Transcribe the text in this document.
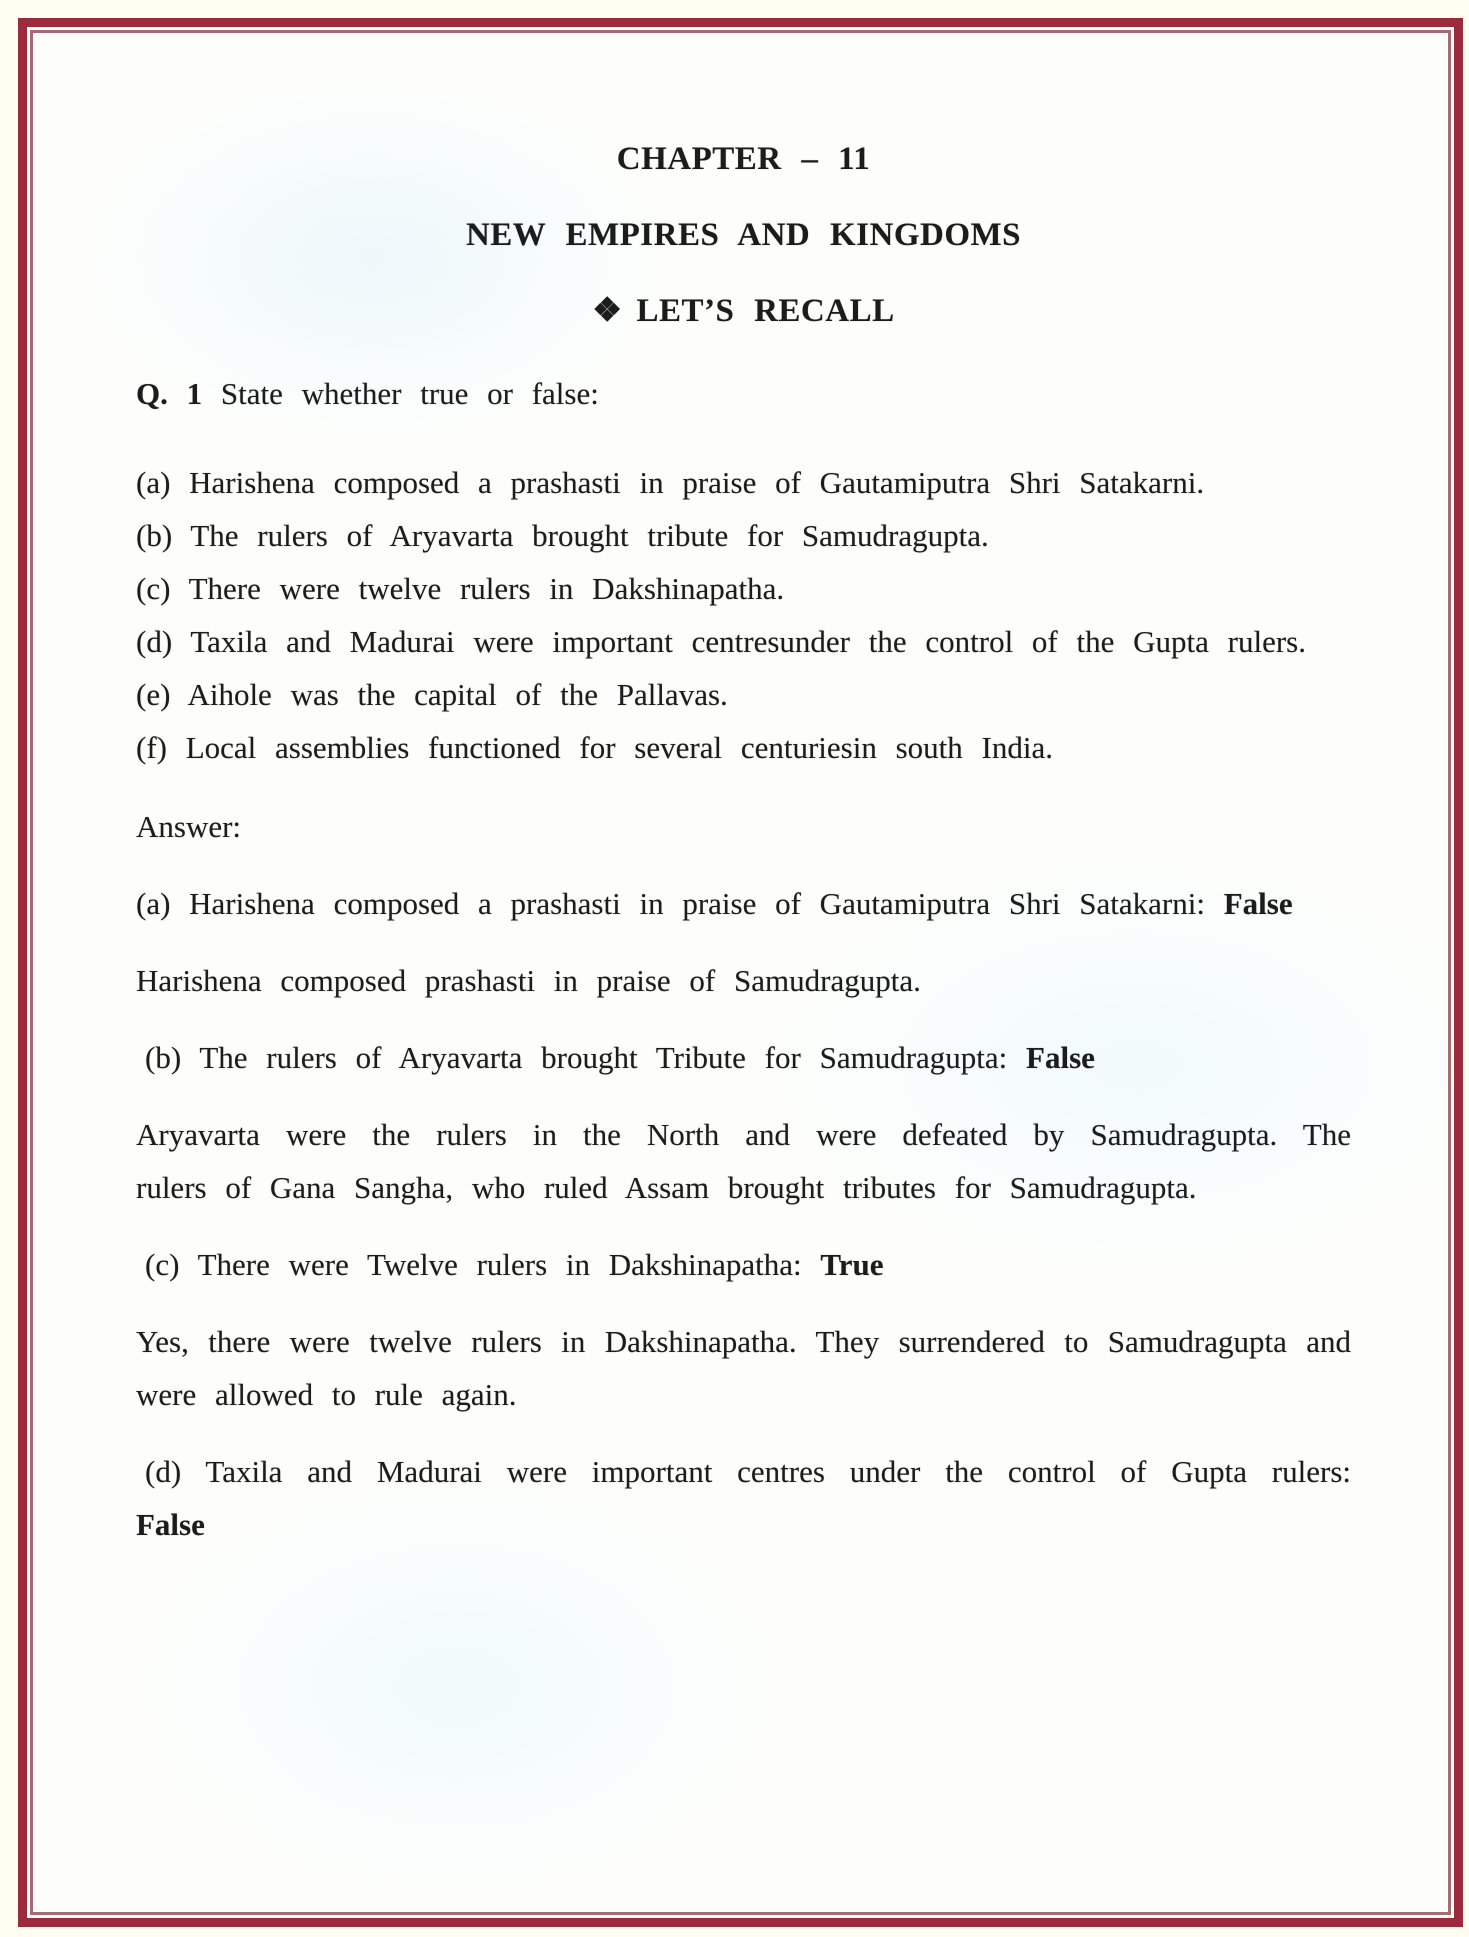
CHAPTER – 11
NEW EMPIRES AND KINGDOMS
❖ LET’S RECALL

Q. 1 State whether true or false:

(a) Harishena composed a prashasti in praise of Gautamiputra Shri Satakarni.

(b) The rulers of Aryavarta brought tribute for Samudragupta.

(c) There were twelve rulers in Dakshinapatha.

(d) Taxila and Madurai were important centresunder the control of the Gupta rulers.

(e) Aihole was the capital of the Pallavas.

(f) Local assemblies functioned for several centuriesin south India.

Answer:

(a) Harishena composed a prashasti in praise of Gautamiputra Shri Satakarni: False

Harishena composed prashasti in praise of Samudragupta.

(b) The rulers of Aryavarta brought Tribute for Samudragupta: False

Aryavarta were the rulers in the North and were defeated by Samudragupta. The rulers of Gana Sangha, who ruled Assam brought tributes for Samudragupta.

(c) There were Twelve rulers in Dakshinapatha: True

Yes, there were twelve rulers in Dakshinapatha. They surrendered to Samudragupta and were allowed to rule again.

(d) Taxila and Madurai were important centres under the control of Gupta rulers: False
